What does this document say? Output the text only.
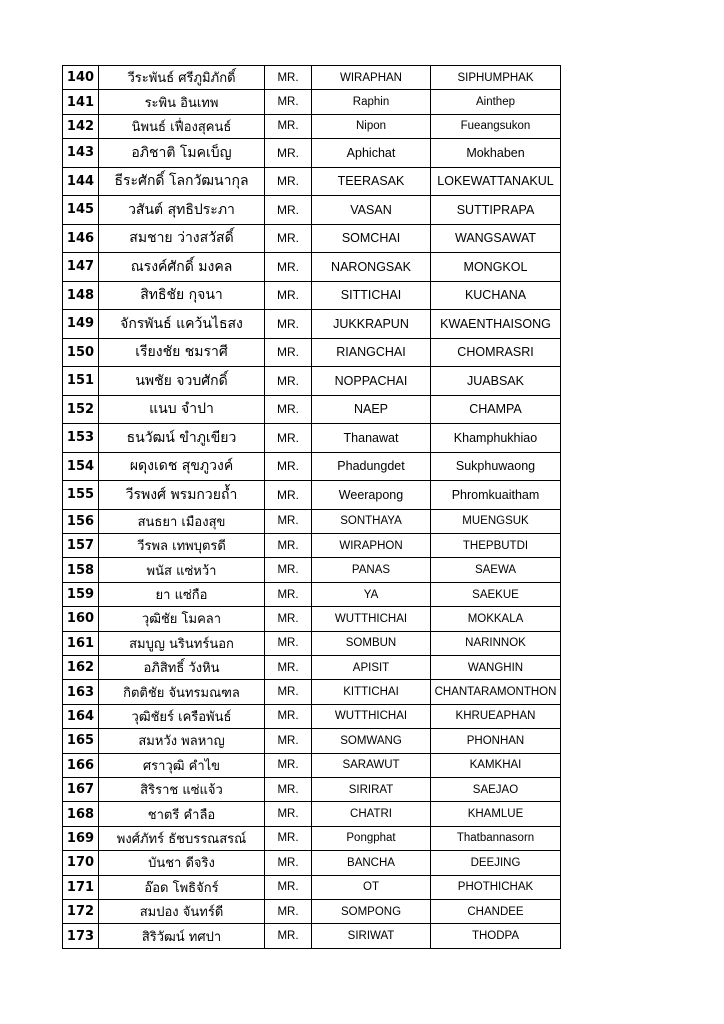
140	วีระพันธ์ ศรีภูมิภักดิ์	MR.	WIRAPHAN	SIPHUMPHAK
141	ระพิน อินเทพ	MR.	Raphin	Ainthep
142	นิพนธ์ เฟื่องสุคนธ์	MR.	Nipon	Fueangsukon
143	อภิชาติ โมคเบ็ญ	MR.	Aphichat	Mokhaben
144	ธีระศักดิ์ โลกวัฒนากุล	MR.	TEERASAK	LOKEWATTANAKUL
145	วสันต์ สุทธิประภา	MR.	VASAN	SUTTIPRAPA
146	สมชาย ว่างสวัสดิ์	MR.	SOMCHAI	WANGSAWAT
147	ณรงค์ศักดิ์ มงคล	MR.	NARONGSAK	MONGKOL
148	สิทธิชัย กุจนา	MR.	SITTICHAI	KUCHANA
149	จักรพันธ์ แคว้นไธสง	MR.	JUKKRAPUN	KWAENTHAISONG
150	เรียงชัย ชมราศี	MR.	RIANGCHAI	CHOMRASRI
151	นพชัย จวบศักดิ์	MR.	NOPPACHAI	JUABSAK
152	แนบ จำปา	MR.	NAEP	CHAMPA
153	ธนวัฒน์ ขำภูเขียว	MR.	Thanawat	Khamphukhiao
154	ผดุงเดช สุขภูวงค์	MR.	Phadungdet	Sukphuwaong
155	วีรพงศ์ พรมกวยถ้ำ	MR.	Weerapong	Phromkuaitham
156	สนธยา เมืองสุข	MR.	SONTHAYA	MUENGSUK
157	วีรพล เทพบุตรดี	MR.	WIRAPHON	THEPBUTDI
158	พนัส แซ่หว้า	MR.	PANAS	SAEWA
159	ยา แซ่กือ	MR.	YA	SAEKUE
160	วุฒิชัย โมคลา	MR.	WUTTHICHAI	MOKKALA
161	สมบูญ นรินทร์นอก	MR.	SOMBUN	NARINNOK
162	อภิสิทธิ์ วังหิน	MR.	APISIT	WANGHIN
163	กิตติชัย จันทรมณฑล	MR.	KITTICHAI	CHANTARAMONTHON
164	วุฒิชัยร์ เครือพันธ์	MR.	WUTTHICHAI	KHRUEAPHAN
165	สมหวัง พลหาญ	MR.	SOMWANG	PHONHAN
166	ศราวุฒิ คำไข	MR.	SARAWUT	KAMKHAI
167	สิริราช แซ่แจ้ว	MR.	SIRIRAT	SAEJAO
168	ชาตรี คำลือ	MR.	CHATRI	KHAMLUE
169	พงศ์ภัทร์ ธัชบรรณสรณ์	MR.	Pongphat	Thatbannasorn
170	บันชา ดีจริง	MR.	BANCHA	DEEJING
171	อ๊อด โพธิจักร์	MR.	OT	PHOTHICHAK
172	สมปอง จันทร์ดี	MR.	SOMPONG	CHANDEE
173	สิริวัฒน์ ทศปา	MR.	SIRIWAT	THODPA
